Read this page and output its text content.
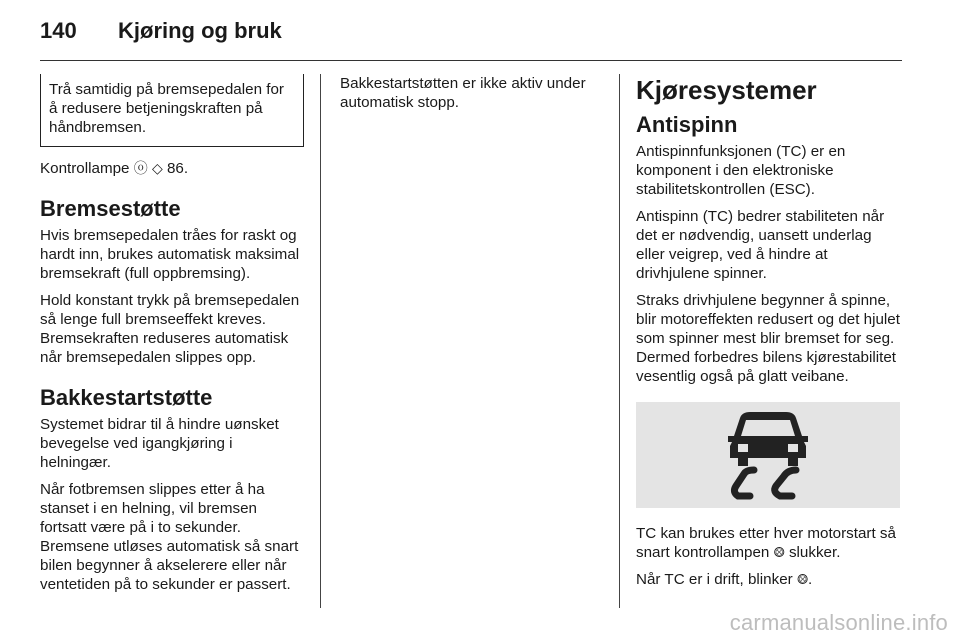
140 Kjøring og bruk
Trå samtidig på bremsepedalen for å redusere betjeningskraften på håndbremsen.

Kontrollampe ⓞ ◇ 86.

Bremsestøtte

Hvis bremsepedalen tråes for raskt og hardt inn, brukes automatisk maksimal bremsekraft (full oppbremsing).

Hold konstant trykk på bremsepedalen så lenge full bremseeffekt kreves. Bremsekraften reduseres automatisk når bremsepedalen slippes opp.

Bakkestartstøtte

Systemet bidrar til å hindre uønsket bevegelse ved igangkjøring i helningær.

Når fotbremsen slippes etter å ha stanset i en helning, vil bremsen fortsatt være på i to sekunder. Bremsene utløses automatisk så snart bilen begynner å akselerere eller når ventetiden på to sekunder er passert.

Bakkestartstøtten er ikke aktiv under automatisk stopp.	Kjøresystemer
Antispinn

Antispinnfunksjonen (TC) er en komponent i den elektroniske stabilitetskontrollen (ESC).

Antispinn (TC) bedrer stabiliteten når det er nødvendig, uansett underlag eller veigrep, ved å hindre at drivhjulene spinner.

Straks drivhjulene begynner å spinne, blir motoreffekten redusert og det hjulet som spinner mest blir bremset for seg. Dermed forbedres bilens kjørestabilitet vesentlig også på glatt veibane.

TC kan brukes etter hver motorstart så snart kontrollampen ⨷ slukker.

Når TC er i drift, blinker ⨷.

carmanualsonline.info
